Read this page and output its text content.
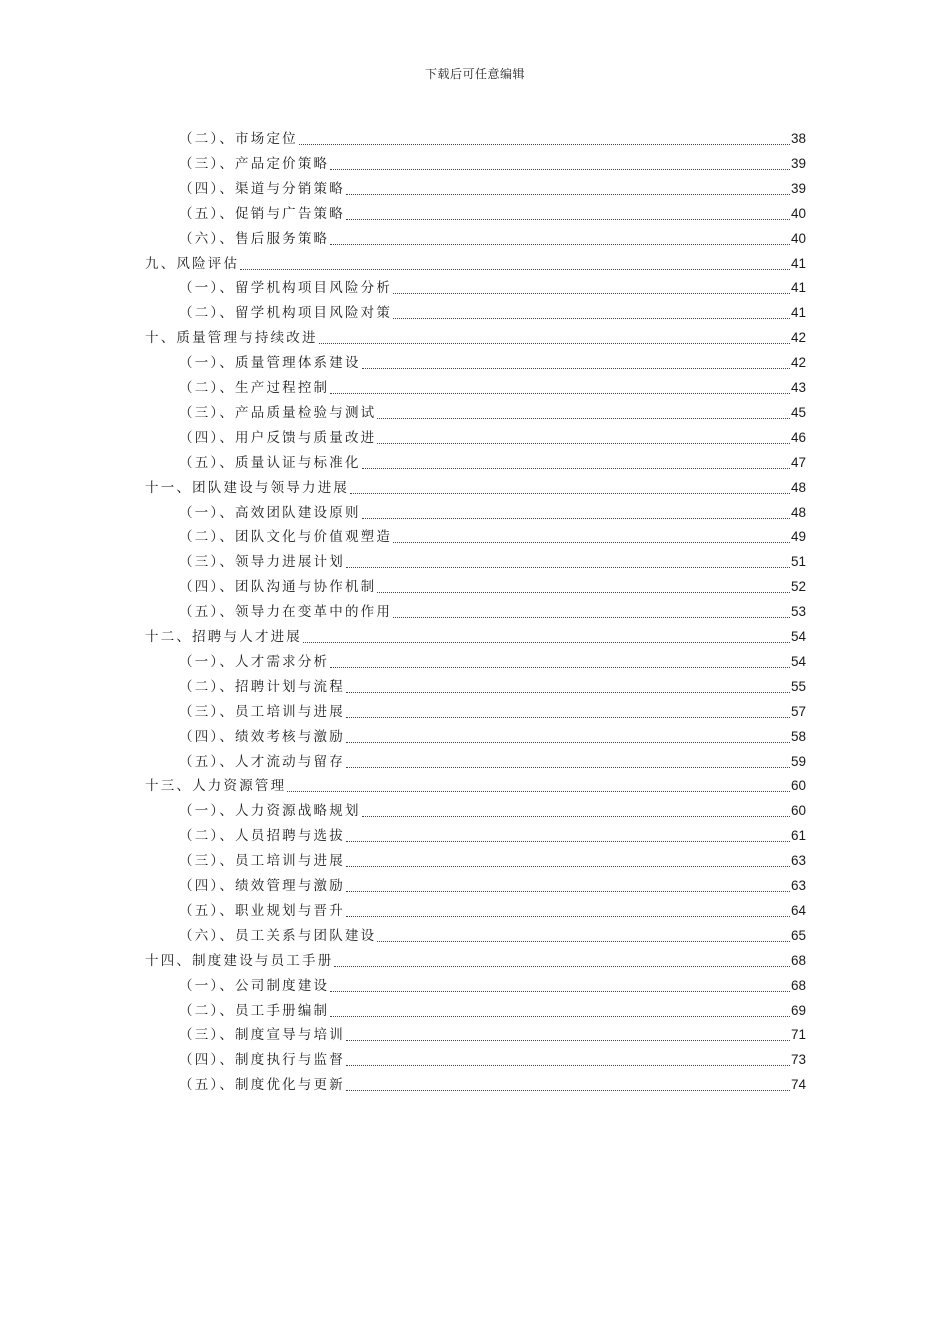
下载后可任意编辑
（二）、市场定位	38
（三）、产品定价策略	39
（四）、渠道与分销策略	39
（五）、促销与广告策略	40
（六）、售后服务策略	40
九、风险评估	41
（一）、留学机构项目风险分析	41
（二）、留学机构项目风险对策	41
十、质量管理与持续改进	42
（一）、质量管理体系建设	42
（二）、生产过程控制	43
（三）、产品质量检验与测试	45
（四）、用户反馈与质量改进	46
（五）、质量认证与标准化	47
十一、团队建设与领导力进展	48
（一）、高效团队建设原则	48
（二）、团队文化与价值观塑造	49
（三）、领导力进展计划	51
（四）、团队沟通与协作机制	52
（五）、领导力在变革中的作用	53
十二、招聘与人才进展	54
（一）、人才需求分析	54
（二）、招聘计划与流程	55
（三）、员工培训与进展	57
（四）、绩效考核与激励	58
（五）、人才流动与留存	59
十三、人力资源管理	60
（一）、人力资源战略规划	60
（二）、人员招聘与选拔	61
（三）、员工培训与进展	63
（四）、绩效管理与激励	63
（五）、职业规划与晋升	64
（六）、员工关系与团队建设	65
十四、制度建设与员工手册	68
（一）、公司制度建设	68
（二）、员工手册编制	69
（三）、制度宣导与培训	71
（四）、制度执行与监督	73
（五）、制度优化与更新	74
